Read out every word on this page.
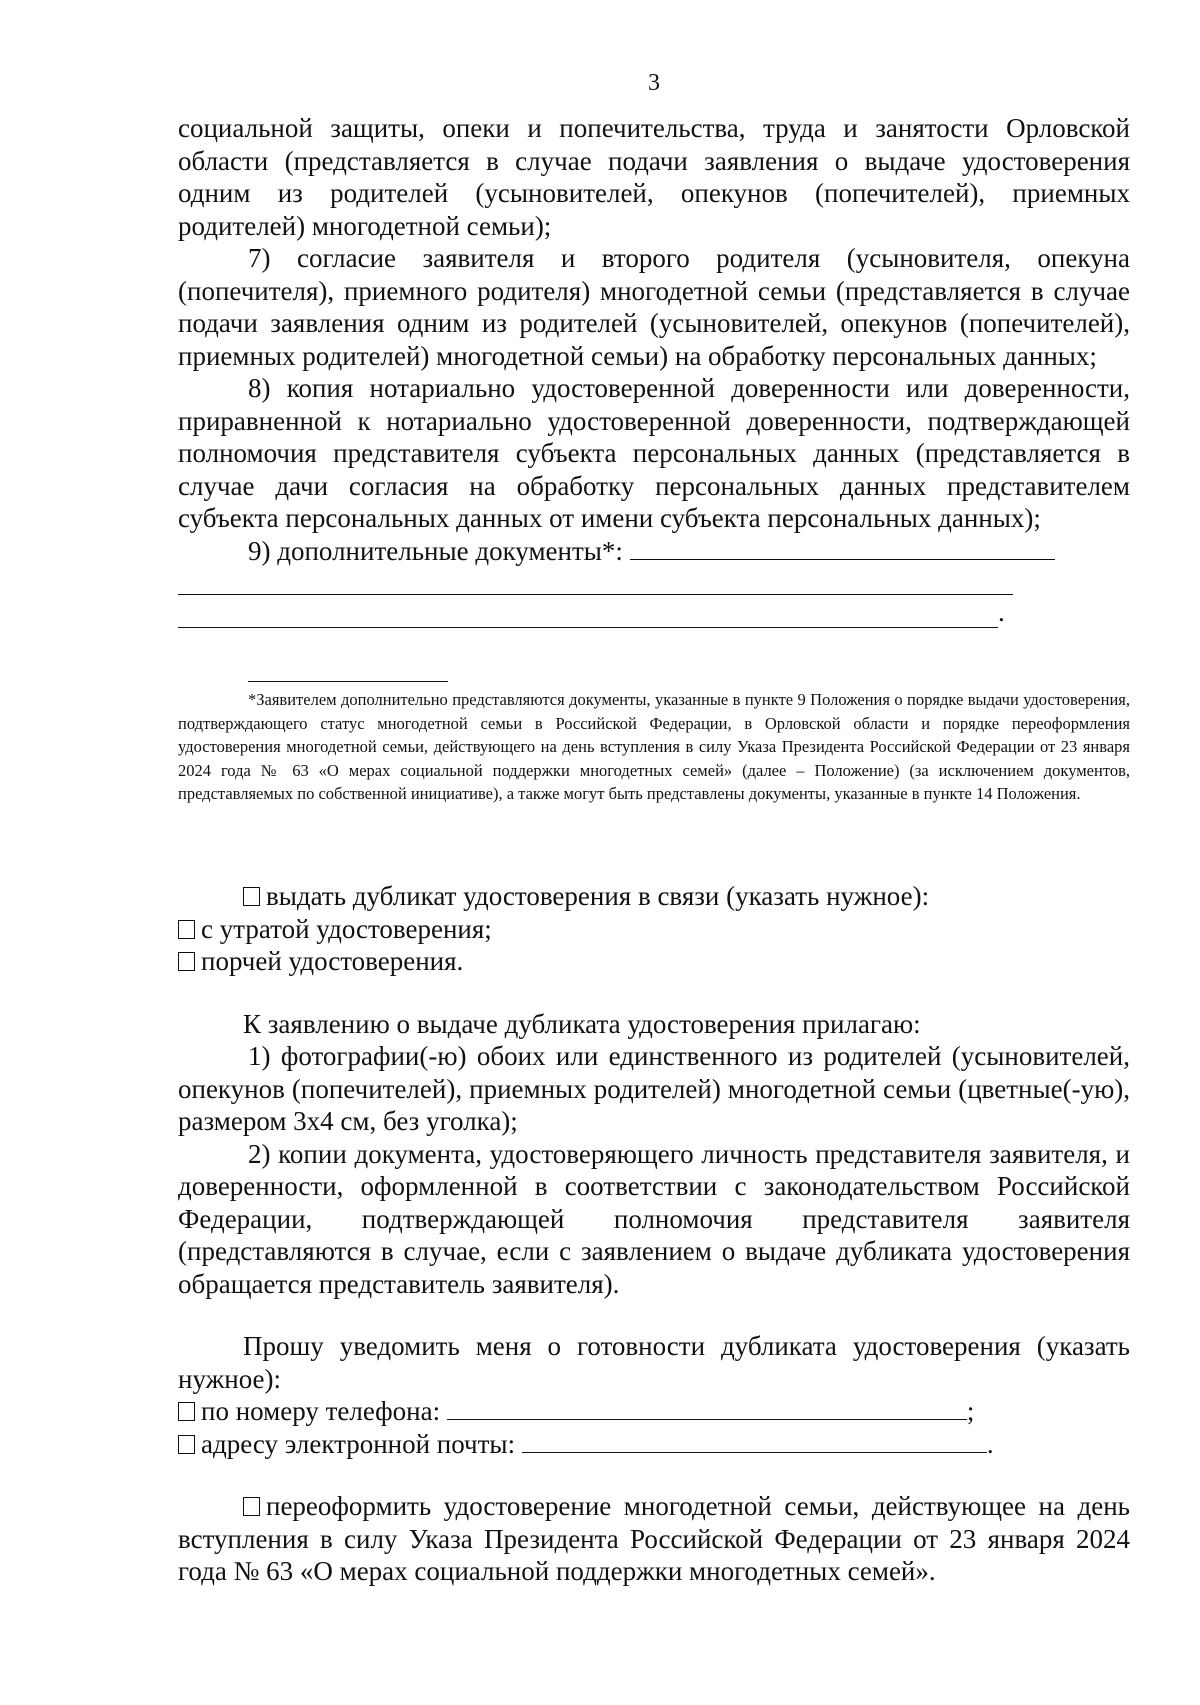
3

социальной защиты, опеки и попечительства, труда и занятости Орловской области (представляется в случае подачи заявления о выдаче удостоверения одним из родителей (усыновителей, опекунов (попечителей), приемных родителей) многодетной семьи);

7) согласие заявителя и второго родителя (усыновителя, опекуна (попечителя), приемного родителя) многодетной семьи (представляется в случае подачи заявления одним из родителей (усыновителей, опекунов (попечителей), приемных родителей) многодетной семьи) на обработку персональных данных;

8) копия нотариально удостоверенной доверенности или доверенности, приравненной к нотариально удостоверенной доверенности, подтверждающей полномочия представителя субъекта персональных данных (представляется в случае дачи согласия на обработку персональных данных представителем субъекта персональных данных от имени субъекта персональных данных);

9) дополнительные документы*:

.

*Заявителем дополнительно представляются документы, указанные в пункте 9 Положения о порядке выдачи удостоверения, подтверждающего статус многодетной семьи в Российской Федерации, в Орловской области и порядке переоформления удостоверения многодетной семьи, действующего на день вступления в силу Указа Президента Российской Федерации от 23 января 2024 года № 63 «О мерах социальной поддержки многодетных семей» (далее – Положение) (за исключением документов, представляемых по собственной инициативе), а также могут быть представлены документы, указанные в пункте 14 Положения.

выдать дубликат удостоверения в связи (указать нужное):

с утратой удостоверения;

порчей удостоверения.

К заявлению о выдаче дубликата удостоверения прилагаю:

1) фотографии(-ю) обоих или единственного из родителей (усыновителей, опекунов (попечителей), приемных родителей) многодетной семьи (цветные(-ую), размером 3х4 см, без уголка);

2) копии документа, удостоверяющего личность представителя заявителя, и доверенности, оформленной в соответствии с законодательством Российской Федерации, подтверждающей полномочия представителя заявителя (представляются в случае, если с заявлением о выдаче дубликата удостоверения обращается представитель заявителя).

Прошу уведомить меня о готовности дубликата удостоверения (указать нужное):

по номеру телефона:	;

адресу электронной почты:	.

переоформить удостоверение многодетной семьи, действующее на день вступления в силу Указа Президента Российской Федерации от 23 января 2024 года № 63 «О мерах социальной поддержки многодетных семей».
